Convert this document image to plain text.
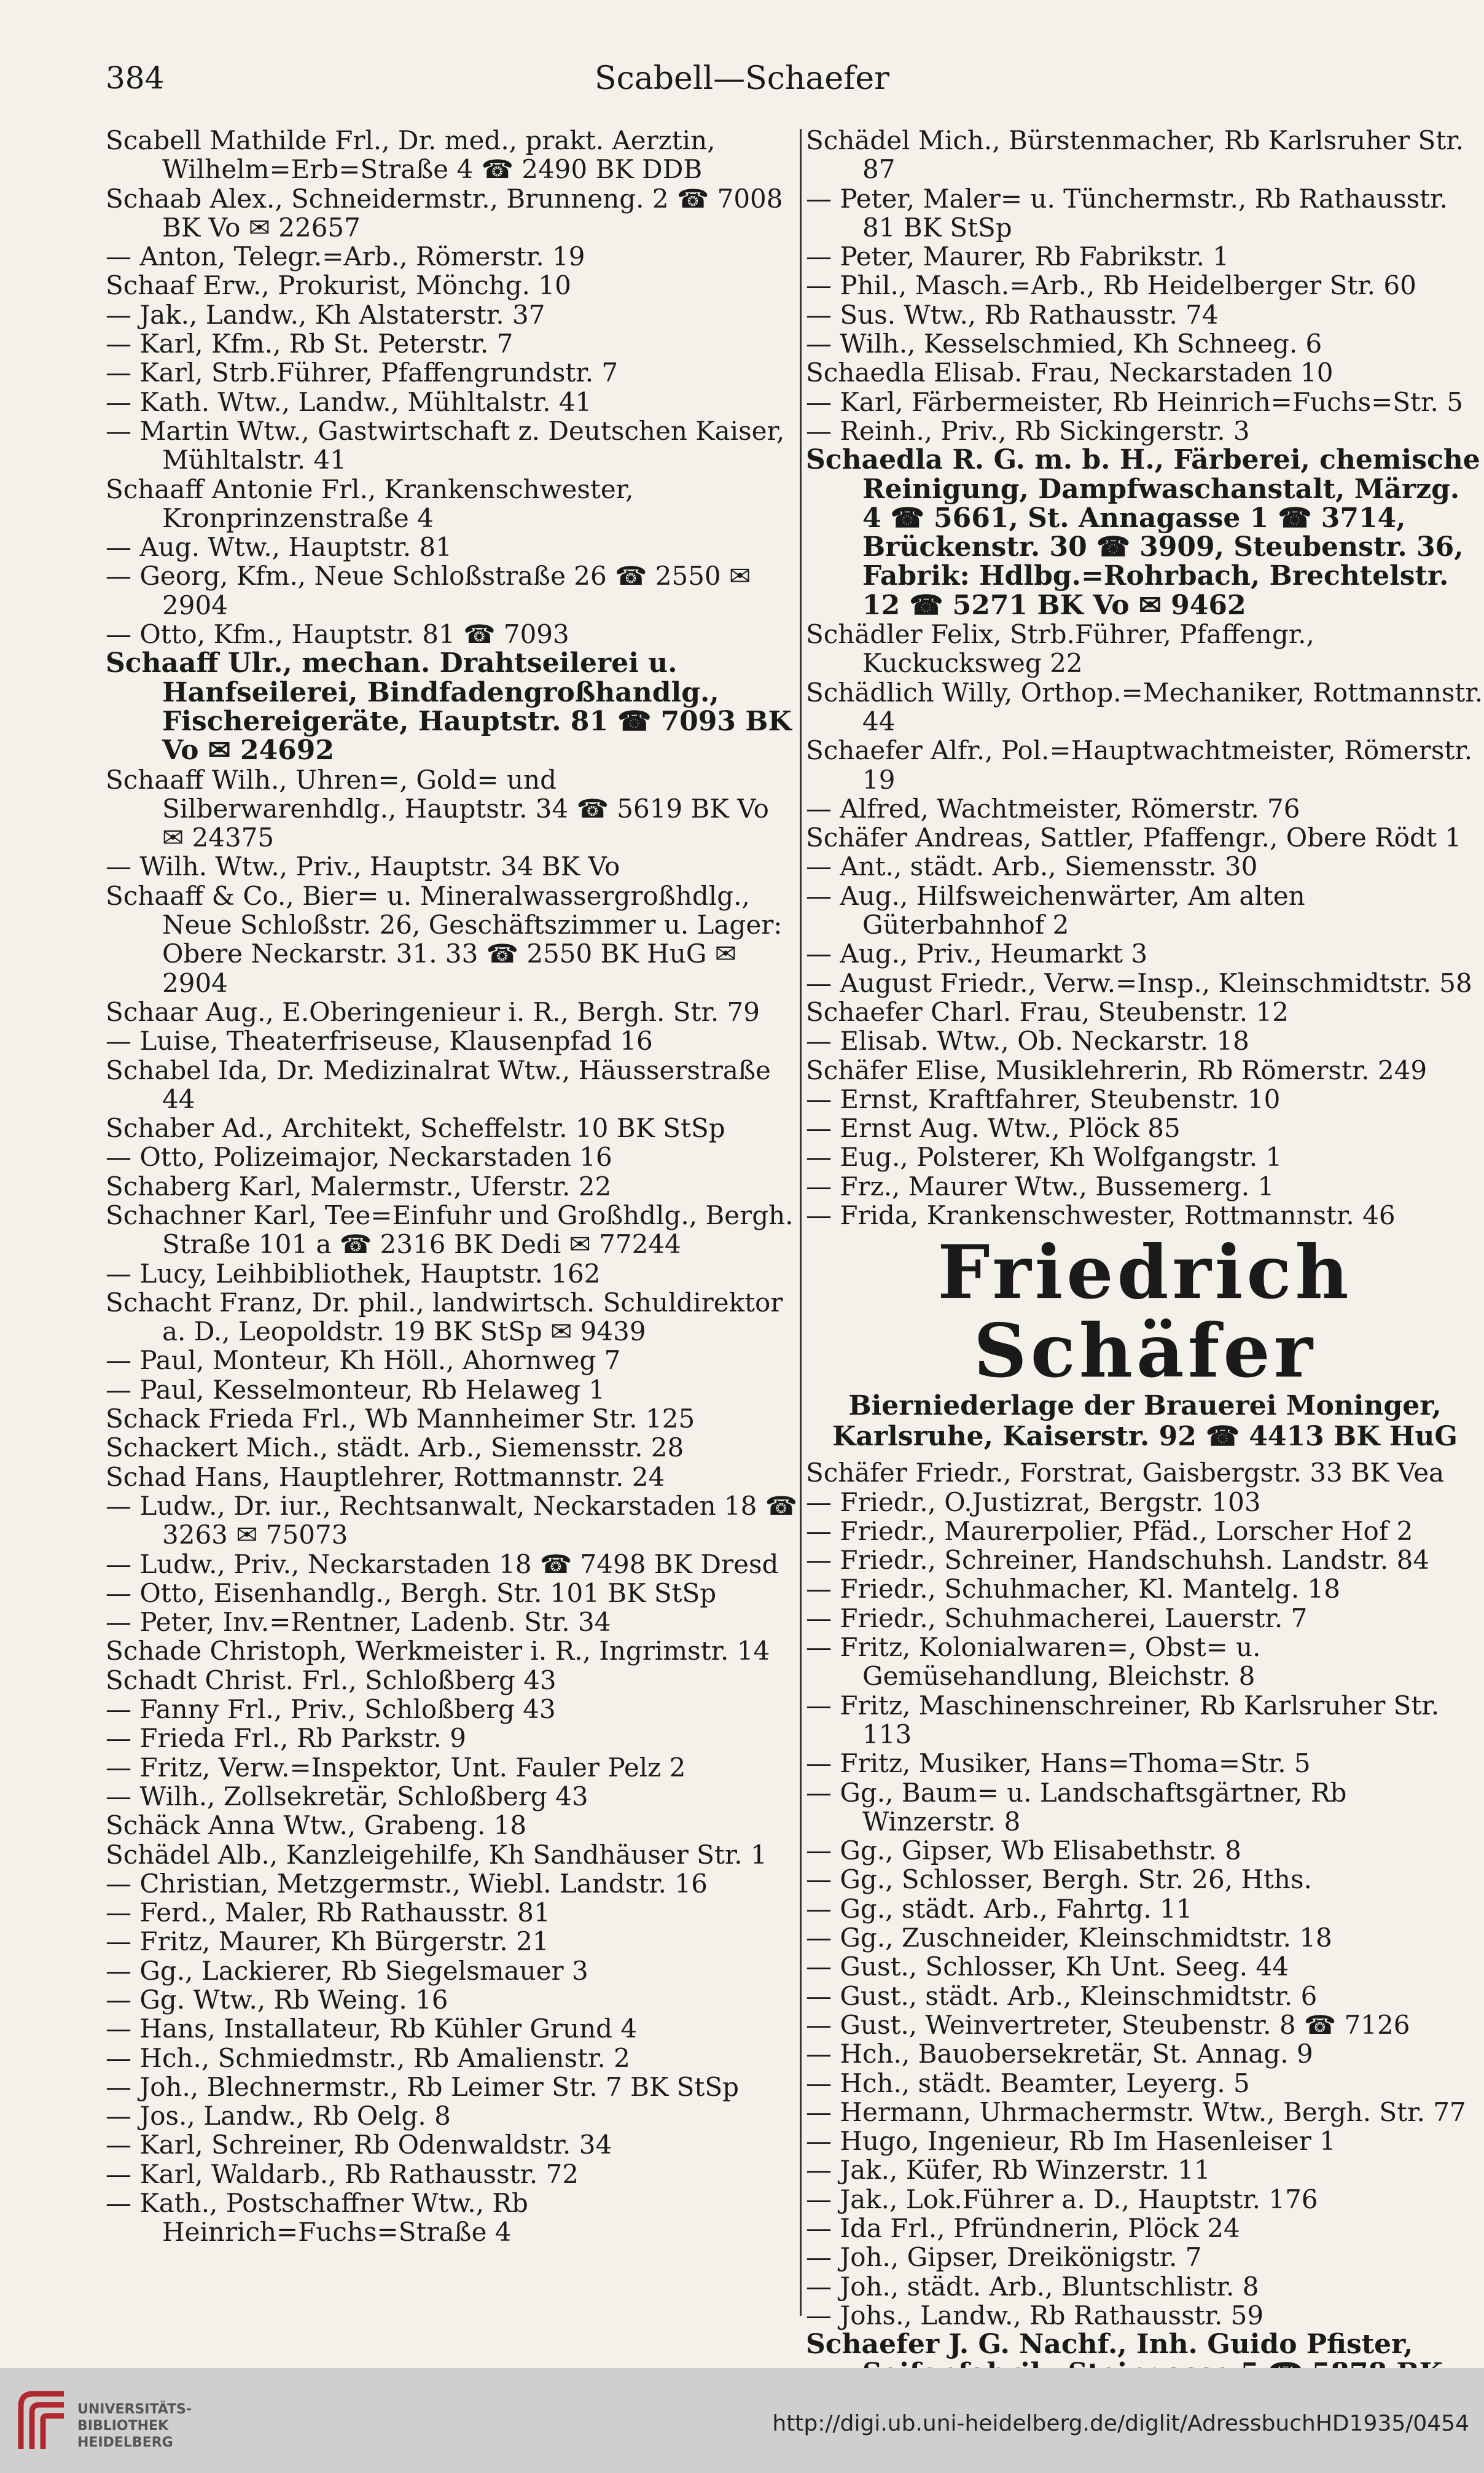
384	Scabell—Schaefer
Scabell Mathilde Frl., Dr. med., prakt. Aerztin, Wilhelm=Erb=Straße 4 ☎ 2490 BK DDB
Schaab Alex., Schneidermstr., Brunneng. 2 ☎ 7008 BK Vo ✉ 22657
— Anton, Telegr.=Arb., Römerstr. 19
Schaaf Erw., Prokurist, Mönchg. 10
— Jak., Landw., Kh Alstaterstr. 37
— Karl, Kfm., Rb St. Peterstr. 7
— Karl, Strb.Führer, Pfaffengrundstr. 7
— Kath. Wtw., Landw., Mühltalstr. 41
— Martin Wtw., Gastwirtschaft z. Deutschen Kaiser, Mühltalstr. 41
Schaaff Antonie Frl., Krankenschwester, Kronprinzenstraße 4
— Aug. Wtw., Hauptstr. 81
— Georg, Kfm., Neue Schloßstraße 26 ☎ 2550 ✉ 2904
— Otto, Kfm., Hauptstr. 81 ☎ 7093
Schaaff Ulr., mechan. Drahtseilerei u. Hanfseilerei, Bindfadengroßhandlg., Fischereigeräte, Hauptstr. 81 ☎ 7093 BK Vo ✉ 24692
Schaaff Wilh., Uhren=, Gold= und Silberwarenhdlg., Hauptstr. 34 ☎ 5619 BK Vo ✉ 24375
— Wilh. Wtw., Priv., Hauptstr. 34 BK Vo
Schaaff & Co., Bier= u. Mineralwassergroßhdlg., Neue Schloßstr. 26, Geschäftszimmer u. Lager: Obere Neckarstr. 31. 33 ☎ 2550 BK HuG ✉ 2904
Schaar Aug., E.Oberingenieur i. R., Bergh. Str. 79
— Luise, Theaterfriseuse, Klausenpfad 16
Schabel Ida, Dr. Medizinalrat Wtw., Häusserstraße 44
Schaber Ad., Architekt, Scheffelstr. 10 BK StSp
— Otto, Polizeimajor, Neckarstaden 16
Schaberg Karl, Malermstr., Uferstr. 22
Schachner Karl, Tee=Einfuhr und Großhdlg., Bergh. Straße 101 a ☎ 2316 BK Dedi ✉ 77244
— Lucy, Leihbibliothek, Hauptstr. 162
Schacht Franz, Dr. phil., landwirtsch. Schuldirektor a. D., Leopoldstr. 19 BK StSp ✉ 9439
— Paul, Monteur, Kh Höll., Ahornweg 7
— Paul, Kesselmonteur, Rb Helaweg 1
Schack Frieda Frl., Wb Mannheimer Str. 125
Schackert Mich., städt. Arb., Siemensstr. 28
Schad Hans, Hauptlehrer, Rottmannstr. 24
— Ludw., Dr. iur., Rechtsanwalt, Neckarstaden 18 ☎ 3263 ✉ 75073
— Ludw., Priv., Neckarstaden 18 ☎ 7498 BK Dresd
— Otto, Eisenhandlg., Bergh. Str. 101 BK StSp
— Peter, Inv.=Rentner, Ladenb. Str. 34
Schade Christoph, Werkmeister i. R., Ingrimstr. 14
Schadt Christ. Frl., Schloßberg 43
— Fanny Frl., Priv., Schloßberg 43
— Frieda Frl., Rb Parkstr. 9
— Fritz, Verw.=Inspektor, Unt. Fauler Pelz 2
— Wilh., Zollsekretär, Schloßberg 43
Schäck Anna Wtw., Grabeng. 18
Schädel Alb., Kanzleigehilfe, Kh Sandhäuser Str. 1
— Christian, Metzgermstr., Wiebl. Landstr. 16
— Ferd., Maler, Rb Rathausstr. 81
— Fritz, Maurer, Kh Bürgerstr. 21
— Gg., Lackierer, Rb Siegelsmauer 3
— Gg. Wtw., Rb Weing. 16
— Hans, Installateur, Rb Kühler Grund 4
— Hch., Schmiedmstr., Rb Amalienstr. 2
— Joh., Blechnermstr., Rb Leimer Str. 7 BK StSp
— Jos., Landw., Rb Oelg. 8
— Karl, Schreiner, Rb Odenwaldstr. 34
— Karl, Waldarb., Rb Rathausstr. 72
— Kath., Postschaffner Wtw., Rb Heinrich=Fuchs=Straße 4
Schädel Mich., Bürstenmacher, Rb Karlsruher Str. 87
— Peter, Maler= u. Tünchermstr., Rb Rathausstr. 81 BK StSp
— Peter, Maurer, Rb Fabrikstr. 1
— Phil., Masch.=Arb., Rb Heidelberger Str. 60
— Sus. Wtw., Rb Rathausstr. 74
— Wilh., Kesselschmied, Kh Schneeg. 6
Schaedla Elisab. Frau, Neckarstaden 10
— Karl, Färbermeister, Rb Heinrich=Fuchs=Str. 5
— Reinh., Priv., Rb Sickingerstr. 3
Schaedla R. G. m. b. H., Färberei, chemische Reinigung, Dampfwaschanstalt, Märzg. 4 ☎ 5661, St. Annagasse 1 ☎ 3714, Brückenstr. 30 ☎ 3909, Steubenstr. 36, Fabrik: Hdlbg.=Rohrbach, Brechtelstr. 12 ☎ 5271 BK Vo ✉ 9462
Schädler Felix, Strb.Führer, Pfaffengr., Kuckucksweg 22
Schädlich Willy, Orthop.=Mechaniker, Rottmannstr. 44
Schaefer Alfr., Pol.=Hauptwachtmeister, Römerstr. 19
— Alfred, Wachtmeister, Römerstr. 76
Schäfer Andreas, Sattler, Pfaffengr., Obere Rödt 1
— Ant., städt. Arb., Siemensstr. 30
— Aug., Hilfsweichenwärter, Am alten Güterbahnhof 2
— Aug., Priv., Heumarkt 3
— August Friedr., Verw.=Insp., Kleinschmidtstr. 58
Schaefer Charl. Frau, Steubenstr. 12
— Elisab. Wtw., Ob. Neckarstr. 18
Schäfer Elise, Musiklehrerin, Rb Römerstr. 249
— Ernst, Kraftfahrer, Steubenstr. 10
— Ernst Aug. Wtw., Plöck 85
— Eug., Polsterer, Kh Wolfgangstr. 1
— Frz., Maurer Wtw., Bussemerg. 1
— Frida, Krankenschwester, Rottmannstr. 46
Friedrich Schäfer
Bierniederlage der Brauerei Moninger,
Karlsruhe, Kaiserstr. 92 ☎ 4413 BK HuG
Schäfer Friedr., Forstrat, Gaisbergstr. 33 BK Vea
— Friedr., O.Justizrat, Bergstr. 103
— Friedr., Maurerpolier, Pfäd., Lorscher Hof 2
— Friedr., Schreiner, Handschuhsh. Landstr. 84
— Friedr., Schuhmacher, Kl. Mantelg. 18
— Friedr., Schuhmacherei, Lauerstr. 7
— Fritz, Kolonialwaren=, Obst= u. Gemüsehandlung, Bleichstr. 8
— Fritz, Maschinenschreiner, Rb Karlsruher Str. 113
— Fritz, Musiker, Hans=Thoma=Str. 5
— Gg., Baum= u. Landschaftsgärtner, Rb Winzerstr. 8
— Gg., Gipser, Wb Elisabethstr. 8
— Gg., Schlosser, Bergh. Str. 26, Hths.
— Gg., städt. Arb., Fahrtg. 11
— Gg., Zuschneider, Kleinschmidtstr. 18
— Gust., Schlosser, Kh Unt. Seeg. 44
— Gust., städt. Arb., Kleinschmidtstr. 6
— Gust., Weinvertreter, Steubenstr. 8 ☎ 7126
— Hch., Bauobersekretär, St. Annag. 9
— Hch., städt. Beamter, Leyerg. 5
— Hermann, Uhrmachermstr. Wtw., Bergh. Str. 77
— Hugo, Ingenieur, Rb Im Hasenleiser 1
— Jak., Küfer, Rb Winzerstr. 11
— Jak., Lok.Führer a. D., Hauptstr. 176
— Ida Frl., Pfründnerin, Plöck 24
— Joh., Gipser, Dreikönigstr. 7
— Joh., städt. Arb., Bluntschlistr. 8
— Johs., Landw., Rb Rathausstr. 59
Schaefer J. G. Nachf., Inh. Guido Pfister,
UNIVERSITÄTS-
BIBLIOTHEK
HEIDELBERG
http://digi.ub.uni-heidelberg.de/diglit/AdressbuchHD1935/0454
